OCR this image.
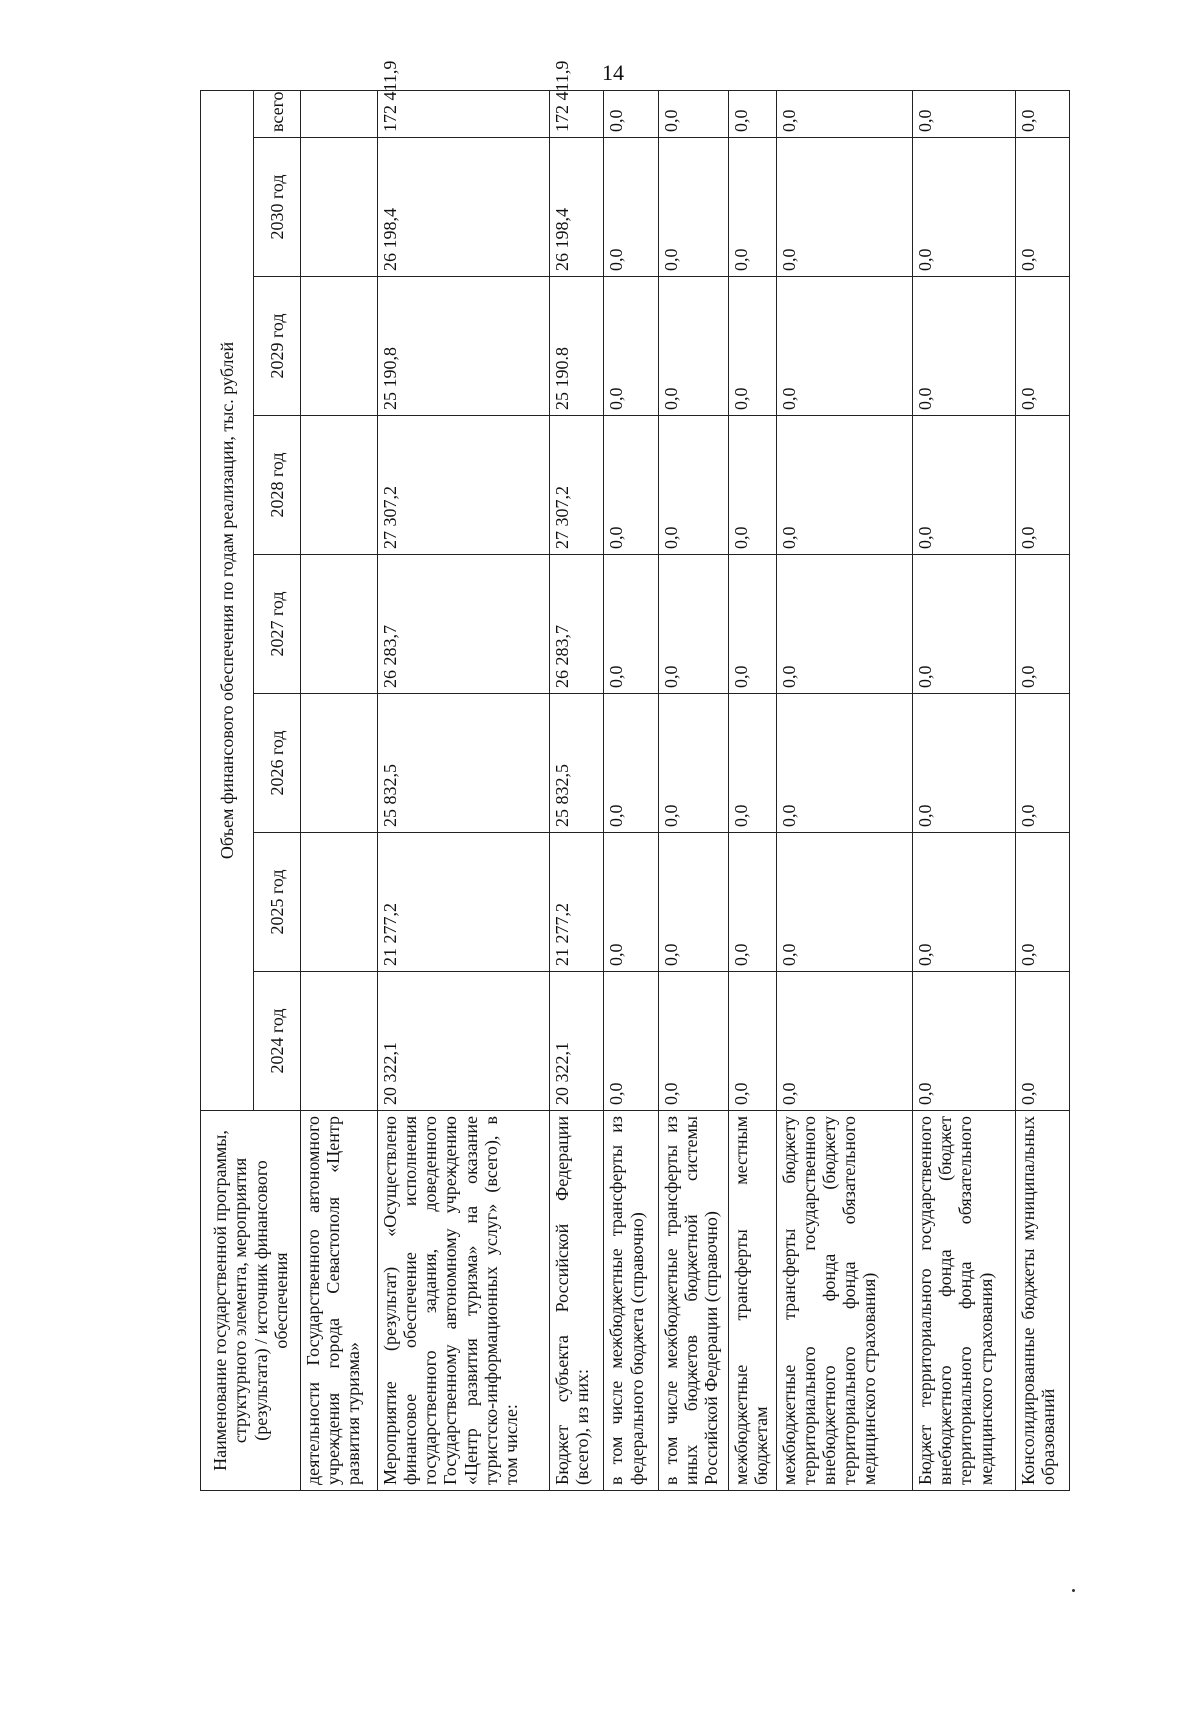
14
Наименование государственной программы, структурного элемента, мероприятия (результата) / источник финансового обеспечения	Объем финансового обеспечения по годам реализации, тыс. рублей							
	2024 год	2025 год	2026 год	2027 год	2028 год	2029 год	2030 год	всего
деятельности Государственного автономного учреждения города Севастополя «Центр развития туризма»								
Мероприятие (результат) «Осуществлено финансовое обеспечение исполнения государственного задания, доведенного Государственному автономному учреждению «Центр развития туризма» на оказание туристско-информационных услуг» (всего), в том числе:	20 322,1	21 277,2	25 832,5	26 283,7	27 307,2	25 190,8	26 198,4	172 411,9
Бюджет субъекта Российской Федерации (всего), из них:	20 322,1	21 277,2	25 832,5	26 283,7	27 307,2	25 190.8	26 198,4	172 411,9
в том числе межбюджетные трансферты из федерального бюджета (справочно)	0,0	0,0	0,0	0,0	0,0	0,0	0,0	0,0
в том числе межбюджетные трансферты из иных бюджетов бюджетной системы Российской Федерации (справочно)	0,0	0,0	0,0	0,0	0,0	0,0	0,0	0,0
межбюджетные трансферты местным бюджетам	0,0	0,0	0,0	0,0	0,0	0,0	0,0	0,0
межбюджетные трансферты бюджету территориального государственного внебюджетного фонда (бюджету территориального фонда обязательного медицинского страхования)	0,0	0,0	0,0	0,0	0,0	0,0	0,0	0,0
Бюджет территориального государственного внебюджетного фонда (бюджет территориального фонда обязательного медицинского страхования)	0,0	0,0	0,0	0,0	0,0	0,0	0,0	0,0
Консолидированные бюджеты муниципальных образований	0,0	0,0	0,0	0,0	0,0	0,0	0,0	0,0
